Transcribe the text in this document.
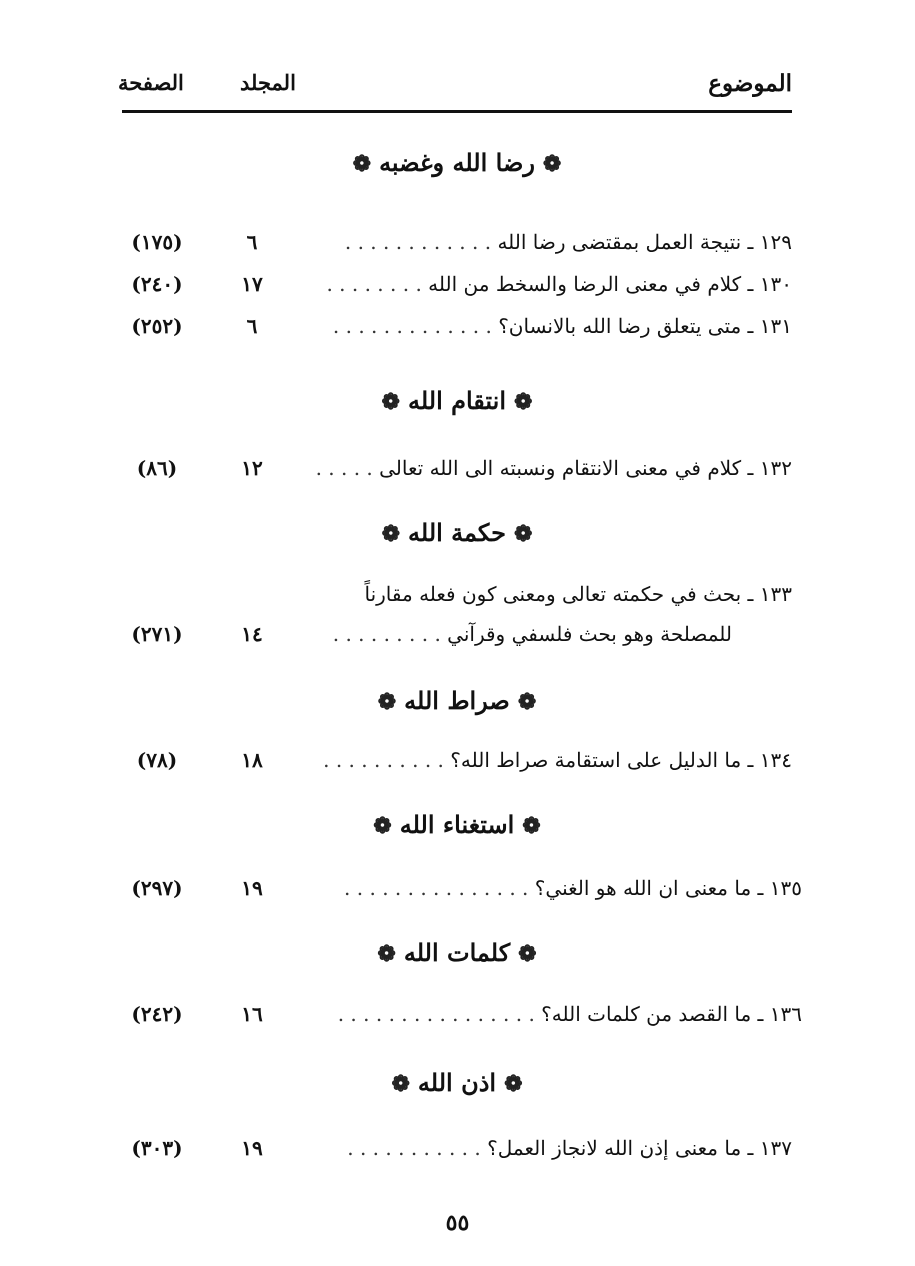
الصفحة	المجلد	الموضوع
❁رضا الله وغضبه❁
١٢٩ ـ نتيجة العمل بمقتضى رضا الله . . . . . . . . . . . .
٦
(١٧٥)
١٣٠ ـ كلام في معنى الرضا والسخط من الله . . . . . . . .
١٧
(٢٤٠)
١٣١ ـ متى يتعلق رضا الله بالانسان؟ . . . . . . . . . . . . .
٦
(٢٥٢)
❁انتقام الله❁
١٣٢ ـ كلام في معنى الانتقام ونسبته الى الله تعالى . . . . .
١٢
(٨٦)
❁حكمة الله❁
١٣٣ ـ بحث في حكمته تعالى ومعنى كون فعله مقارناً
للمصلحة وهو بحث فلسفي وقرآني . . . . . . . . .
١٤
(٢٧١)
❁صراط الله❁
١٣٤ ـ ما الدليل على استقامة صراط الله؟ . . . . . . . . . .
١٨
(٧٨)
❁استغناء الله❁
١٣٥ ـ ما معنى ان الله هو الغني؟ . . . . . . . . . . . . . . .
١٩
(٢٩٧)
❁كلمات الله❁
١٣٦ ـ ما القصد من كلمات الله؟ . . . . . . . . . . . . . . . .
١٦
(٢٤٢)
❁اذن الله❁
١٣٧ ـ ما معنى إذن الله لانجاز العمل؟ . . . . . . . . . . .
١٩
(٣٠٣)
٥٥
